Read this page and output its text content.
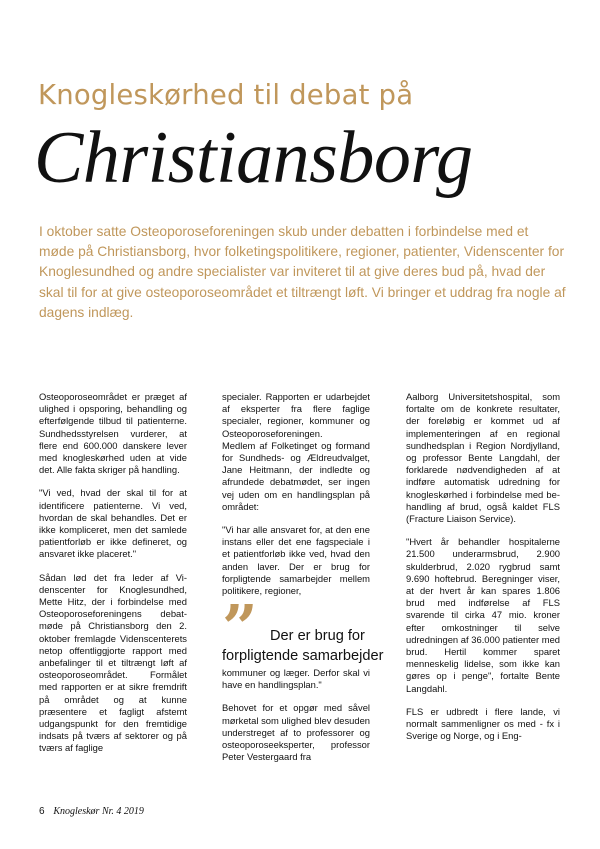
Knogleskørhed til debat på
Christiansborg
I oktober satte Osteoporoseforeningen skub under debatten i forbindelse med et møde på Christiansborg, hvor folketingspolitikere, regioner, patienter, Videnscenter for Knoglesundhed og andre specialister var inviteret til at give deres bud på, hvad der skal til for at give osteoporoseområdet et tiltrængt løft. Vi bringer et uddrag fra nogle af dagens indlæg.

Osteoporoseområdet er præget af ulighed i opsporing, behandling og efterfølgende tilbud til patienterne. Sundhedsstyrelsen vurderer, at flere end 600.000 danskere lever med knogleskørhed uden at vide det. Alle fakta skriger på handling.

"Vi ved, hvad der skal til for at identificere patienterne. Vi ved, hvordan de skal behandles. Det er ikke kompliceret, men det samlede patientforløb er ikke defineret, og ansvaret ikke placeret."

Sådan lød det fra leder af Videnscenter for Knoglesundhed, Mette Hitz, der i forbindelse med Osteoporoseforeningens debatmøde på Christiansborg den 2. oktober fremlagde Videnscenterets netop offentliggjorte rapport med anbefalinger til et tiltrængt løft af osteoporoseområdet. Formålet med rapporten er at sikre fremdrift på området og at kunne præsentere et fagligt afstemt udgangspunkt for den fremtidige indsats på tværs af sektorer og på tværs af faglige

specialer. Rapporten er udarbejdet af eksperter fra flere faglige specialer, regioner, kommuner og Osteoporoseforeningen.

Medlem af Folketinget og formand for Sundheds- og Ældreudvalget, Jane Heitmann, der indledte og afrundede debatmødet, ser ingen vej uden om en handlingsplan på området:

"Vi har alle ansvaret for, at den ene instans eller det ene fagspeciale i et patientforløb ikke ved, hvad den anden laver. Der er brug for forpligtende samarbejder mellem politikere, regioner,

” Der er brug for
forpligtende samarbejder

kommuner og læger. Derfor skal vi have en handlingsplan."

Behovet for et opgør med såvel mørketal som ulighed blev desuden understreget af to professorer og osteoporoseeksperter, professor Peter Vestergaard fra

Aalborg Universitetshospital, som fortalte om de konkrete resultater, der foreløbig er kommet ud af implementeringen af en regional sundhedsplan i Region Nordjylland, og professor Bente Langdahl, der forklarede nødvendigheden af at indføre automatisk udredning for knogleskørhed i forbindelse med behandling af brud, også kaldet FLS (Fracture Liaison Service).

"Hvert år behandler hospitalerne 21.500 underarmsbrud, 2.900 skulderbrud, 2.020 rygbrud samt 9.690 hoftebrud. Beregninger viser, at der hvert år kan spares 1.806 brud med indførelse af FLS svarende til cirka 47 mio. kroner efter omkostninger til selve udredningen af 36.000 patienter med brud. Hertil kommer sparet menneskelig lidelse, som ikke kan gøres op i penge", fortalte Bente Langdahl.

FLS er udbredt i flere lande, vi normalt sammenligner os med - fx i Sverige og Norge, og i Eng-

6 Knogleskør Nr. 4 2019
